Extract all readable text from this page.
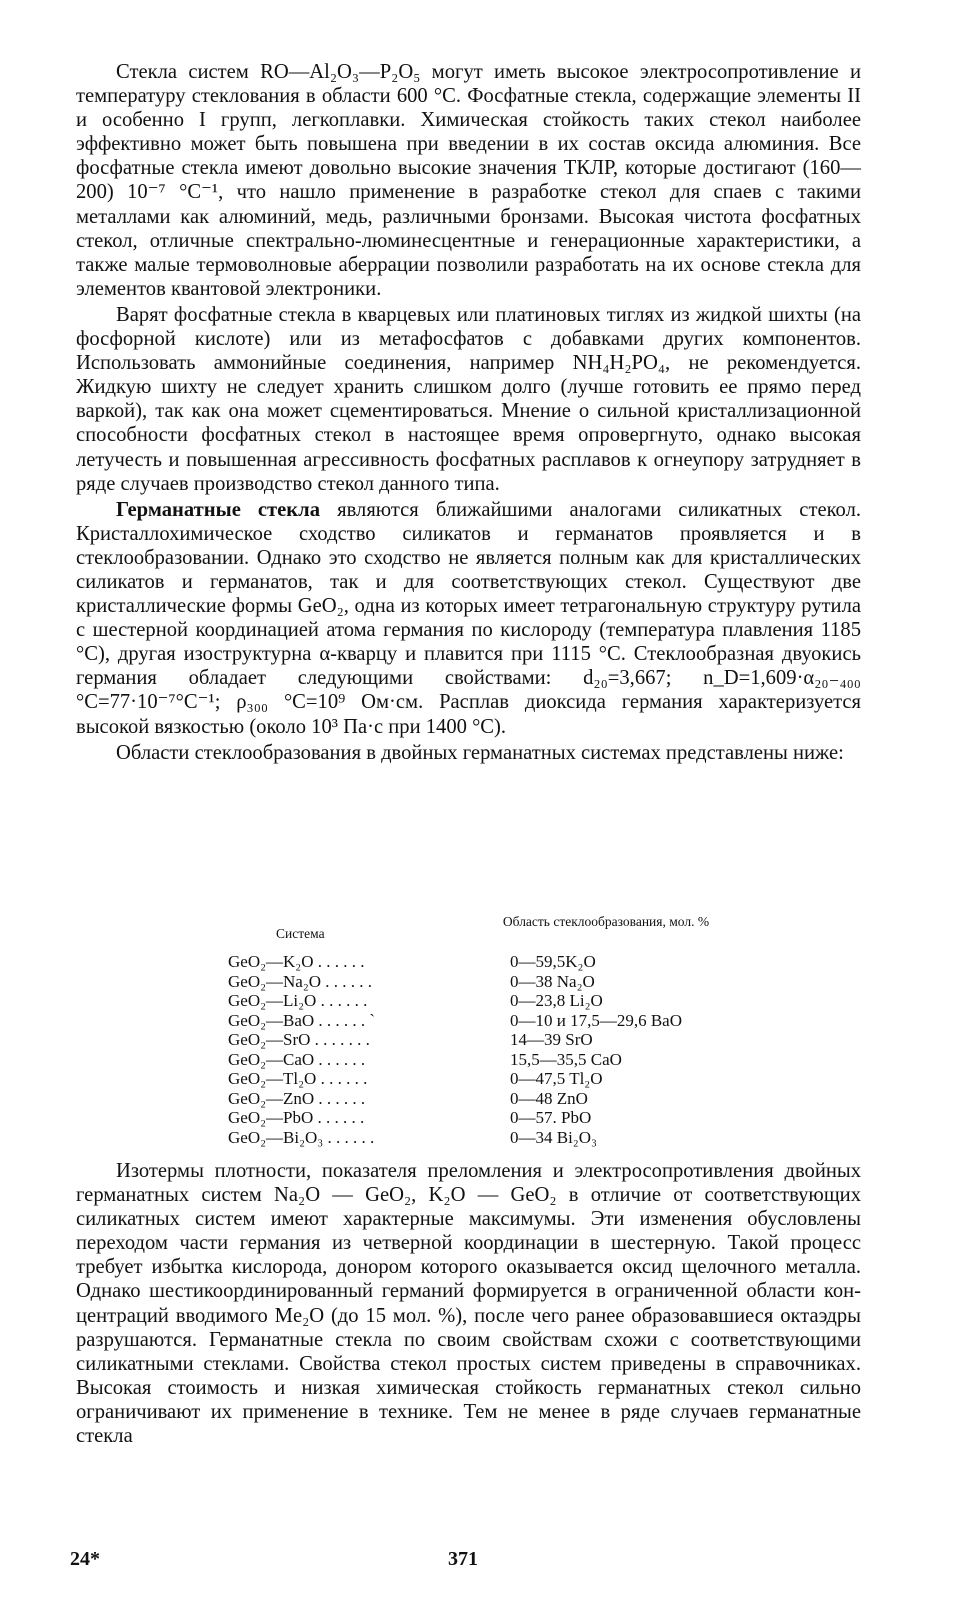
Стекла систем RO—Al₂O₃—P₂O₅ могут иметь высокое электросопротивление и температуру стеклования в области 600 °С. Фосфатные стекла, содержащие элементы II и особенно I групп, легкоплавки. Химическая стойкость таких стекол наиболее эффективно может быть повышена при введении в их состав оксида алюминия. Все фосфатные стекла имеют довольно высокие значения ТКЛР, которые достигают (160—200) 10⁻⁷ °С⁻¹, что нашло применение в разработке стекол для спаев с такими металлами как алюминий, медь, различными бронзами. Высокая чистота фосфатных стекол, отличные спектрально-люминесцентные и генерационные характеристики, а также малые термоволновые аберрации позволили разработать на их основе стекла для элементов квантовой электроники.

Варят фосфатные стекла в кварцевых или платиновых тиглях из жидкой шихты (на фосфорной кислоте) или из метафосфатов с добавками других компонентов. Использовать аммонийные соединения, например NH₄H₂PO₄, не рекомендуется. Жидкую шихту не следует хранить слишком долго (лучше готовить ее прямо перед варкой), так как она может сцементироваться. Мнение о сильной кристаллизационной способности фосфатных стекол в настоящее время опровергнуто, однако высокая летучесть и повышенная агрессивность фосфатных расплавов к огнеупору затрудняет в ряде случаев производство стекол данного типа.

Германатные стекла являются ближайшими аналогами силикатных стекол. Кристаллохимическое сходство силикатов и германатов проявляется и в стеклообразовании. Однако это сходство не является полным как для кристаллических силикатов и германатов, так и для соответствующих стекол. Существуют две кристаллические формы GeO₂, одна из которых имеет тетрагональную структуру рутила с шестерной координацией атома германия по кислороду (температура плавления 1185 °С), другая изоструктурна α-кварцу и плавится при 1115 °С. Стеклообразная двуокись германия обладает следующими свойствами: d₂₀=3,667; n_D=1,609·α₂₀₋₄₀₀ °С=77·10⁻⁷°С⁻¹; ρ₃₀₀ °С=10⁹ Ом·см. Расплав диоксида германия характеризуется высокой вязкостью (около 10³ Па·с при 1400 °С).

Области стеклообразования в двойных германатных системах представлены ниже:

Система
Область стеклообразования, мол. %
GeO₂—K₂O . . . . . .	0—59,5K₂O
GeO₂—Na₂O . . . . . .	0—38 Na₂O
GeO₂—Li₂O . . . . . .	0—23,8 Li₂O
GeO₂—BaO . . . . . . ˋ	0—10 и 17,5—29,6 BaO
GeO₂—SrO . . . . . . .	14—39 SrO
GeO₂—CaO . . . . . .	15,5—35,5 CaO
GeO₂—Tl₂O . . . . . .	0—47,5 Tl₂O
GeO₂—ZnO . . . . . .	0—48 ZnO
GeO₂—PbO . . . . . .	0—57. PbO
GeO₂—Bi₂O₃ . . . . . .	0—34 Bi₂O₃

Изотермы плотности, показателя преломления и электросопротивления двойных германатных систем Na₂O — GeO₂, K₂O — GeO₂ в отличие от соответствующих силикатных систем имеют характерные максимумы. Эти изменения обусловлены переходом части германия из четверной координации в шестерную. Такой процесс требует избытка кислорода, донором которого оказывается оксид щелочного металла. Однако шестикоординированный германий формируется в ограниченной области концентраций вводимого Me₂O (до 15 мол. %), после чего ранее образовавшиеся октаэдры разрушаются. Германатные стекла по своим свойствам схожи с соответствующими силикатными стеклами. Свойства стекол простых систем приведены в справочниках. Высокая стоимость и низкая химическая стойкость германатных стекол сильно ограничивают их применение в технике. Тем не менее в ряде случаев германатные стекла

24*	371
